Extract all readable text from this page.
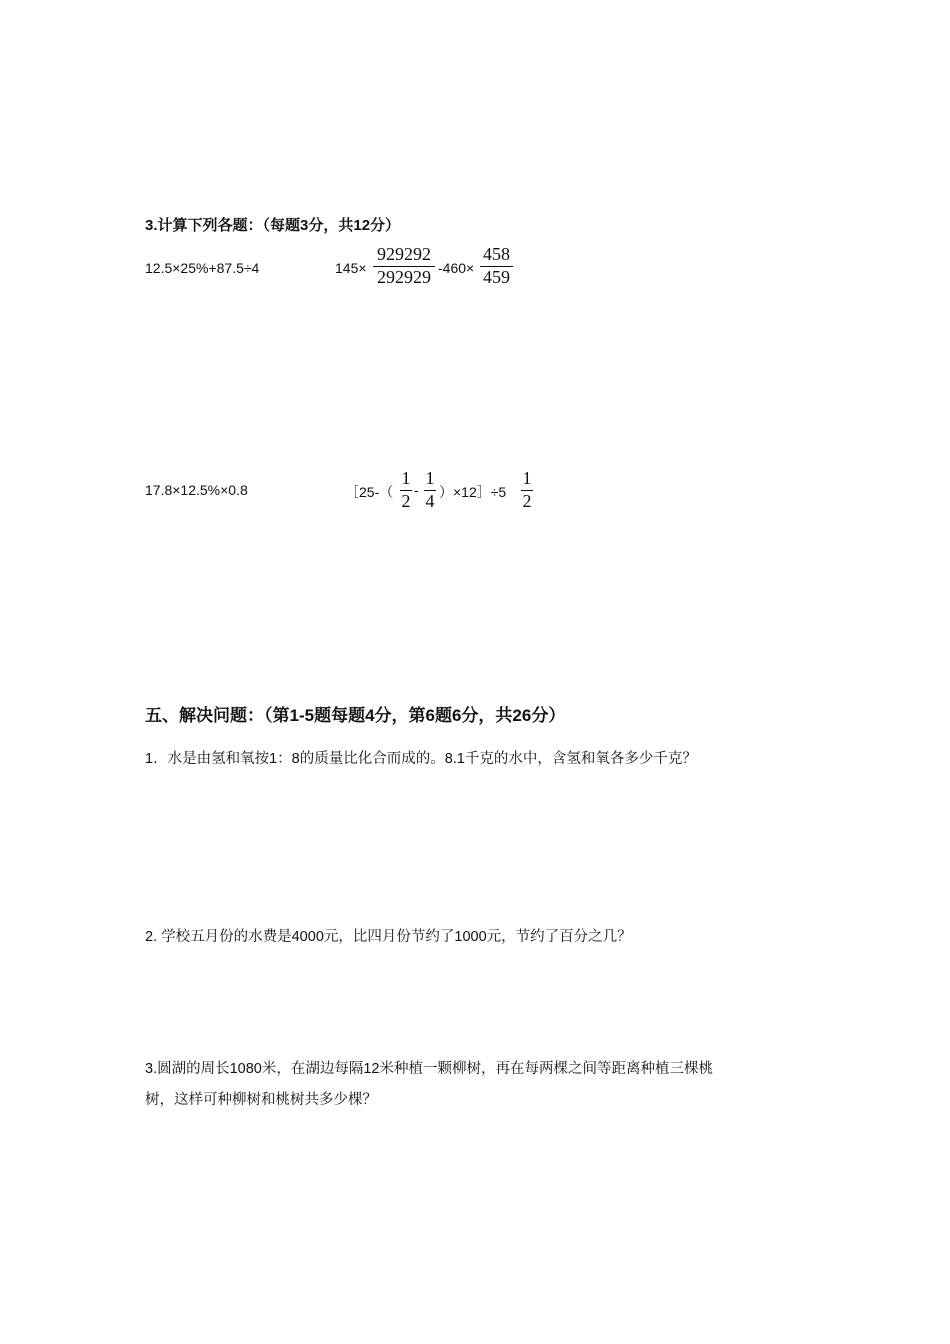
3.计算下列各题：（每题3分，共12分）
12.5×25%+87.5÷4	$145\times \frac{929292}{292929} -460\times \frac{458}{459}$
17.8×12.5%×0.8	［25-（ $\frac{1}{2} - \frac{1}{4}$ ）×12］÷5 $\frac{1}{2}$
五、解决问题：（第1-5题每题4分，第6题6分，共26分）
1．水是由氢和氧按1：8的质量比化合而成的。8.1千克的水中，含氢和氧各多少千克？
2. 学校五月份的水费是4000元，比四月份节约了1000元，节约了百分之几？
3.圆湖的周长1080米，在湖边每隔12米种植一颗柳树，再在每两棵之间等距离种植三棵桃
树，这样可种柳树和桃树共多少棵？
